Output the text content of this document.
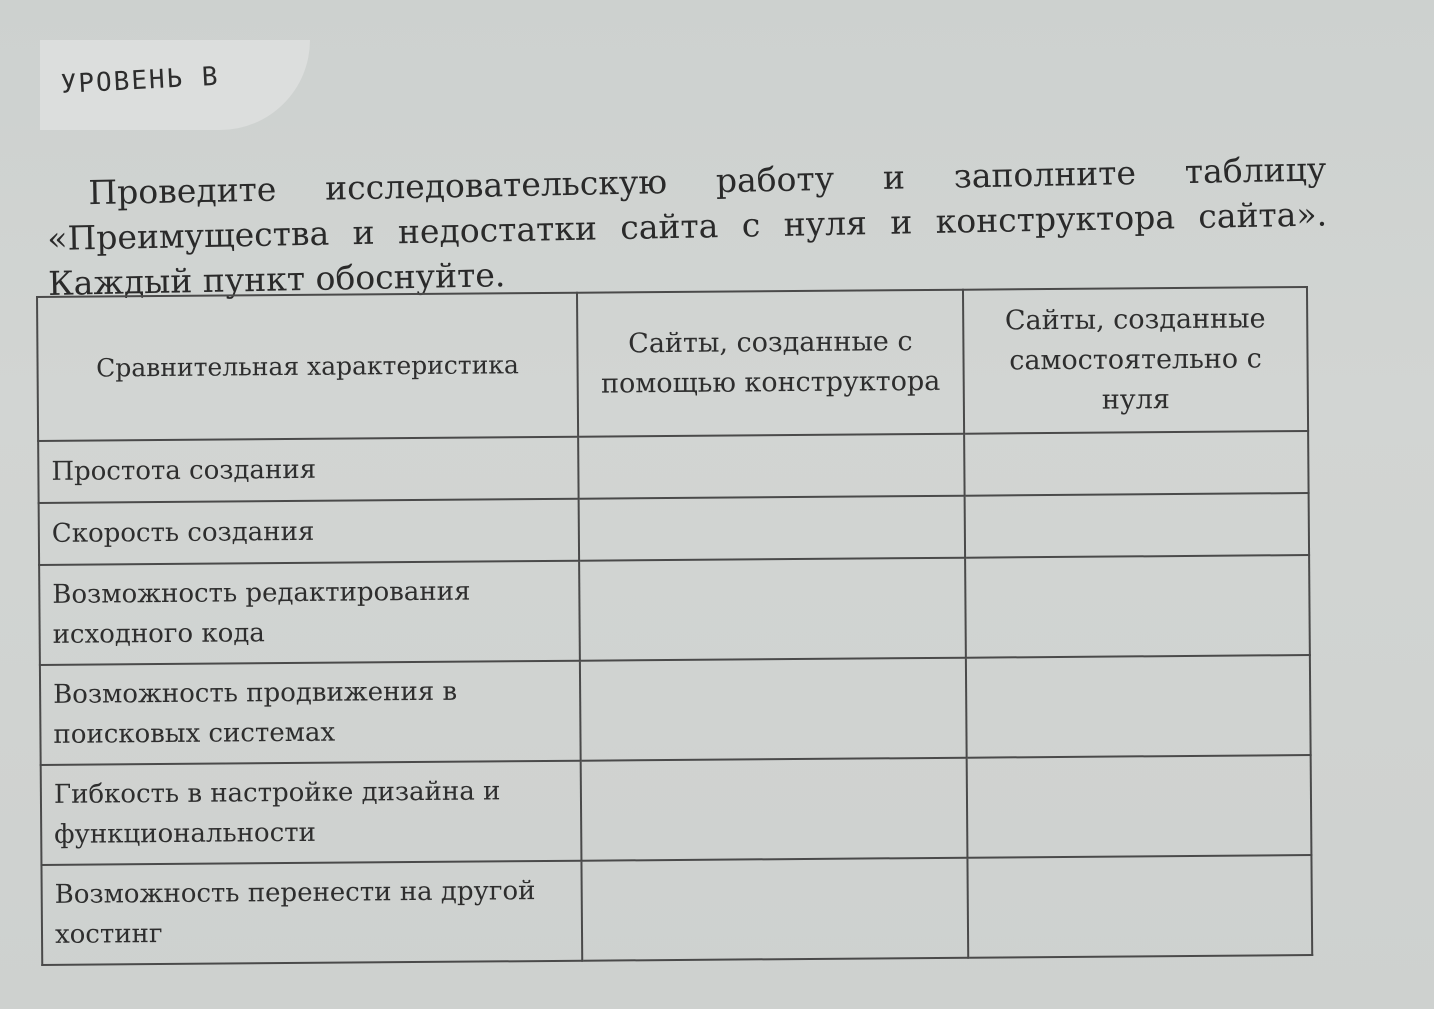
УРОВЕНЬ B

Проведите исследовательскую работу и заполните таблицу «Преимущества и недостатки сайта с нуля и конструктора сайта». Каждый пункт обоснуйте.

Сравнительная характеристика	Сайты, созданные с помощью конструктора	Сайты, созданные самостоятельно с нуля
Простота создания		
Скорость создания		
Возможность редактирования исходного кода		
Возможность продвижения в поисковых системах		
Гибкость в настройке дизайна и функциональности		
Возможность перенести на другой хостинг		
